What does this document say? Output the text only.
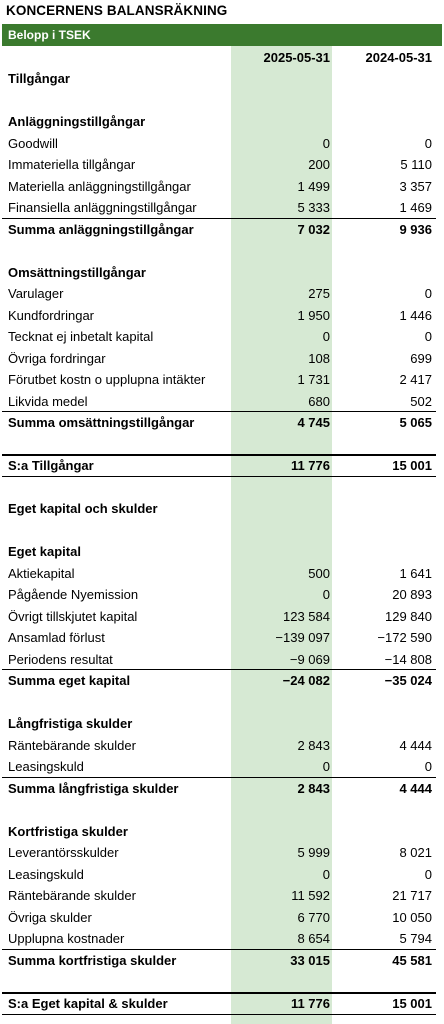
KONCERNENS BALANSRÄKNING
Belopp i TSEK
2025-05-31	2024-05-31
Tillgångar
Anläggningstillgångar
Goodwill	0	0
Immateriella tillgångar	200	5 110
Materiella anläggningstillgångar	1 499	3 357
Finansiella anläggningstillgångar	5 333	1 469
Summa anläggningstillgångar	7 032	9 936
Omsättningstillgångar
Varulager	275	0
Kundfordringar	1 950	1 446
Tecknat ej inbetalt kapital	0	0
Övriga fordringar	108	699
Förutbet kostn o upplupna intäkter	1 731	2 417
Likvida medel	680	502
Summa omsättningstillgångar	4 745	5 065
S:a Tillgångar	11 776	15 001
Eget kapital och skulder
Eget kapital
Aktiekapital	500	1 641
Pågående Nyemission	0	20 893
Övrigt tillskjutet kapital	123 584	129 840
Ansamlad förlust	−139 097	−172 590
Periodens resultat	−9 069	−14 808
Summa eget kapital	−24 082	−35 024
Långfristiga skulder
Räntebärande skulder	2 843	4 444
Leasingskuld	0	0
Summa långfristiga skulder	2 843	4 444
Kortfristiga skulder
Leverantörsskulder	5 999	8 021
Leasingskuld	0	0
Räntebärande skulder	11 592	21 717
Övriga skulder	6 770	10 050
Upplupna kostnader	8 654	5 794
Summa kortfristiga skulder	33 015	45 581
S:a Eget kapital & skulder	11 776	15 001
